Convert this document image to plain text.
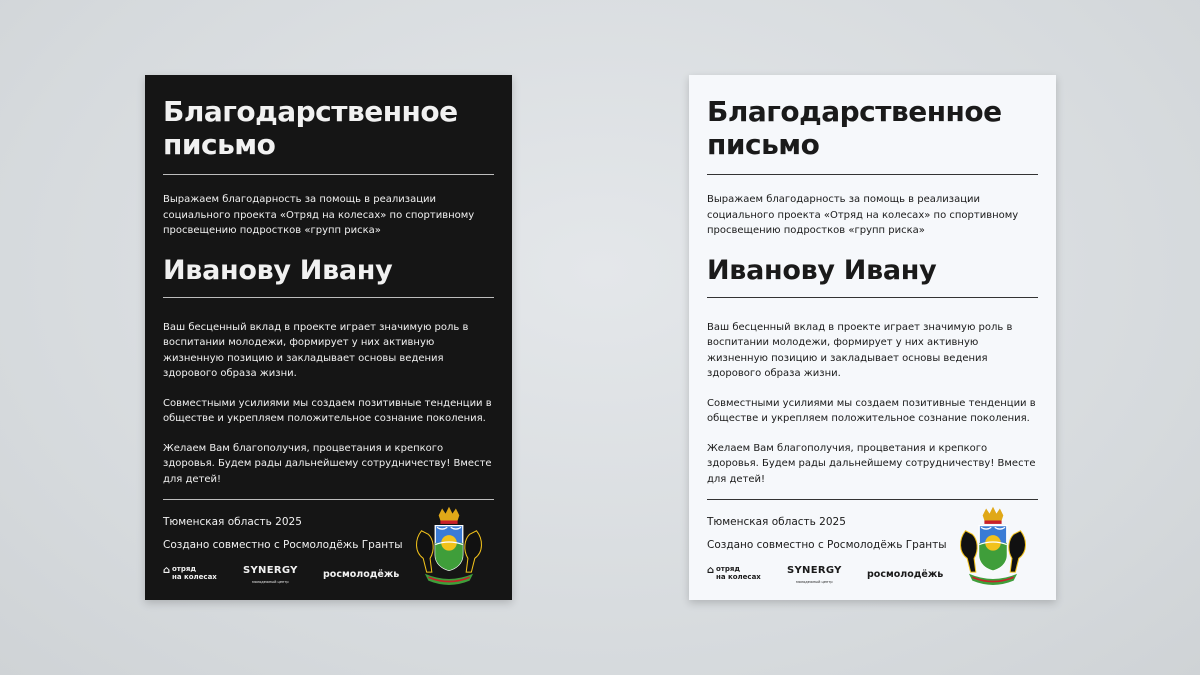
Благодарственное
письмо

Выражаем благодарность за помощь в реализации социального проекта «Отряд на колесах» по спортивному просвещению подростков «групп риска»

Иванову Ивану

Ваш бесценный вклад в проекте играет значимую роль в воспитании молодежи, формирует у них активную жизненную позицию и закладывает основы ведения здорового образа жизни.

Совместными усилиями мы создаем позитивные тенденции в обществе и укрепляем положительное сознание поколения.

Желаем Вам благополучия, процветания и крепкого здоровья. Будем рады дальнейшему сотрудничеству! Вместе для детей!

Тюменская область 2025
Создано совместно с Росмолодёжь Гранты
⌂ отряд
на колесах
SYNERGY
молодежный центр
росмолодёжь
Благодарственное
письмо

Выражаем благодарность за помощь в реализации социального проекта «Отряд на колесах» по спортивному просвещению подростков «групп риска»

Иванову Ивану

Ваш бесценный вклад в проекте играет значимую роль в воспитании молодежи, формирует у них активную жизненную позицию и закладывает основы ведения здорового образа жизни.

Совместными усилиями мы создаем позитивные тенденции в обществе и укрепляем положительное сознание поколения.

Желаем Вам благополучия, процветания и крепкого здоровья. Будем рады дальнейшему сотрудничеству! Вместе для детей!

Тюменская область 2025
Создано совместно с Росмолодёжь Гранты
⌂ отряд
на колесах
SYNERGY
молодежный центр
росмолодёжь
